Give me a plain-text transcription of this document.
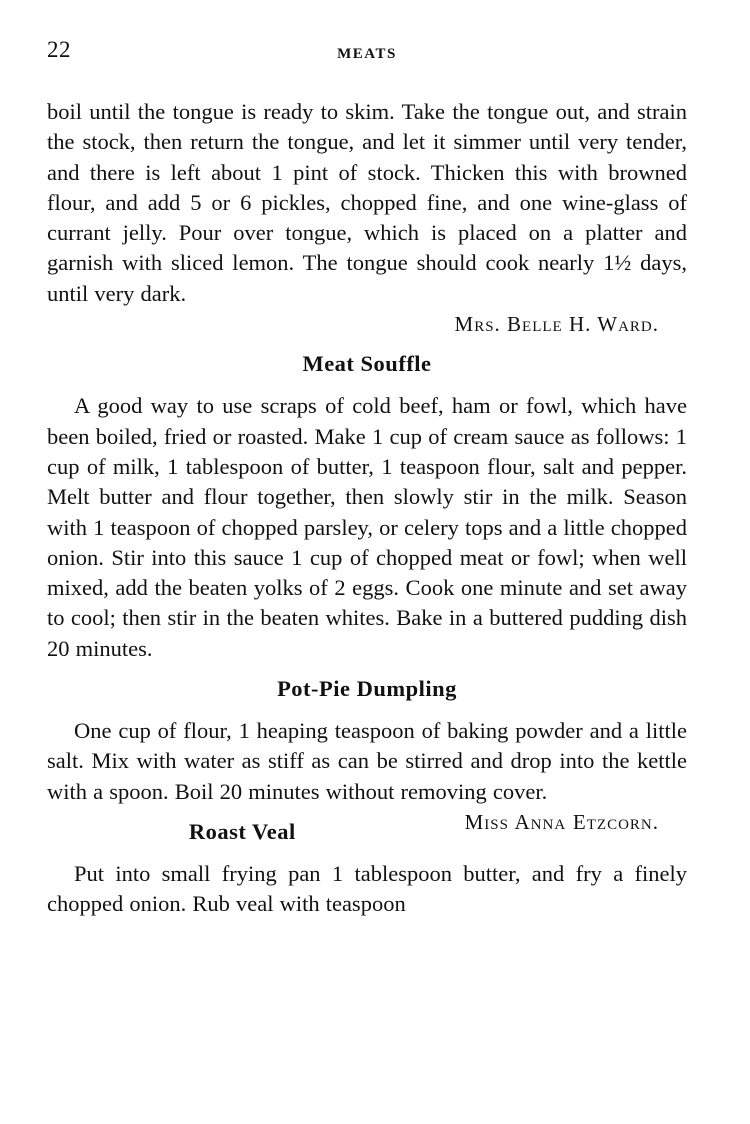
22	MEATS

boil until the tongue is ready to skim. Take the tongue out, and strain the stock, then return the tongue, and let it simmer until very tender, and there is left about 1 pint of stock. Thicken this with browned flour, and add 5 or 6 pickles, chopped fine, and one wine-glass of currant jelly. Pour over tongue, which is placed on a platter and garnish with sliced lemon. The tongue should cook nearly 1½ days, until very dark.

Mrs. Belle H. Ward.
Meat Souffle

A good way to use scraps of cold beef, ham or fowl, which have been boiled, fried or roasted. Make 1 cup of cream sauce as follows: 1 cup of milk, 1 tablespoon of butter, 1 teaspoon flour, salt and pepper. Melt butter and flour together, then slowly stir in the milk. Season with 1 teaspoon of chopped parsley, or celery tops and a little chopped onion. Stir into this sauce 1 cup of chopped meat or fowl; when well mixed, add the beaten yolks of 2 eggs. Cook one minute and set away to cool; then stir in the beaten whites. Bake in a buttered pudding dish 20 minutes.

Pot-Pie Dumpling

One cup of flour, 1 heaping teaspoon of baking powder and a little salt. Mix with water as stiff as can be stirred and drop into the kettle with a spoon. Boil 20 minutes without removing cover.
Miss Anna Etzcorn.

Roast Veal

Put into small frying pan 1 tablespoon butter, and fry a finely chopped onion. Rub veal with teaspoon
